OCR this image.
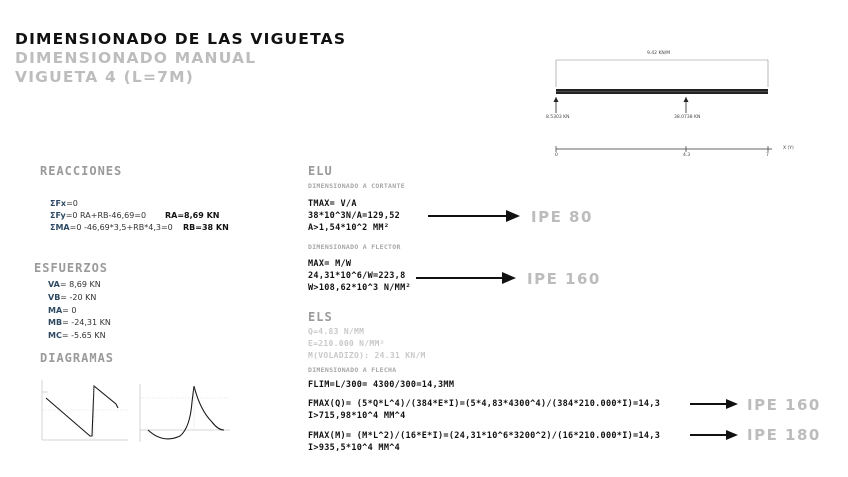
DIMENSIONADO DE LAS VIGUETAS
DIMENSIONADO MANUAL
VIGUETA 4 (L=7M)
9.42 KN/M
8.5303 KN	38.0738 KN
X (Y)
0	4.3	7
REACCIONES
ΣFx=0
ΣFy=0 RA+RB-46,69=0 RA=8,69 KN
ΣMA=0 -46,69*3,5+RB*4,3=0 RB=38 KN
ESFUERZOS
VA= 8,69 KN
VB= -20 KN
MA= 0
MB= -24,31 KN
MC= -5.65 KN
DIAGRAMAS
ELU
DIMENSIONADO A CORTANTE
TMAX= V/A
38*10^3N/A=129,52
A>1,54*10^2 MM²
IPE 80
DIMENSIONADO A FLECTOR
MAX= M/W
24,31*10^6/W=223,8
W>108,62*10^3 N/MM²	IPE 160
ELS
Q=4.83 N/MM
E=210.000 N/MM²
M(VOLADIZO): 24.31 KN/M
DIMENSIONADO A FLECHA
FLIM=L/300= 4300/300=14,3MM
FMAX(Q)= (5*Q*L^4)/(384*E*I)=(5*4,83*4300^4)/(384*210.000*I)=14,3
I>715,98*10^4 MM^4
IPE 160
FMAX(M)= (M*L^2)/(16*E*I)=(24,31*10^6*3200^2)/(16*210.000*I)=14,3
I>935,5*10^4 MM^4
IPE 180
